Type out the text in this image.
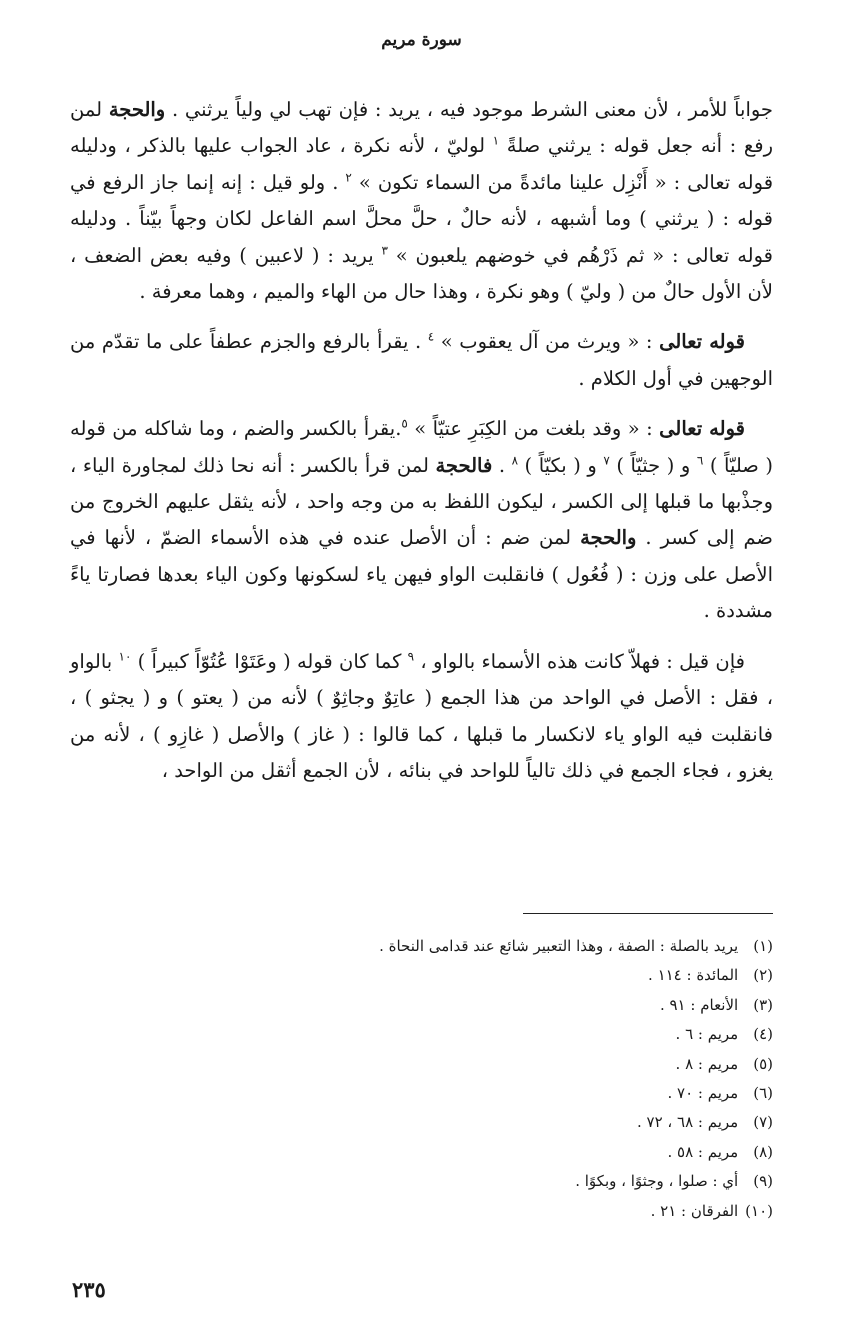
سورة مريم

جواباً للأمر ، لأن معنى الشرط موجود فيه ، يريد : فإن تهب لي ولياً يرثني . والحجة لمن رفع : أنه جعل قوله : يرثني صلةً $^١$ لوليّ ، لأنه نكرة ، عاد الجواب عليها بالذكر ، ودليله قوله تعالى : « أَنْزِل علينا مائدةً من السماء تكون » $^٢$ . ولو قيل : إنه إنما جاز الرفع في قوله : ( يرثني ) وما أشبهه ، لأنه حالٌ ، حلَّ محلَّ اسم الفاعل لكان وجهاً بيّناً . ودليله قوله تعالى : « ثم ذَرْهُم في خوضهم يلعبون » $^٣$ يريد : ( لاعبين ) وفيه بعض الضعف ، لأن الأول حالٌ من ( وليّ ) وهو نكرة ، وهذا حال من الهاء والميم ، وهما معرفة .

قوله تعالى : « ويرث من آل يعقوب » $^٤$ . يقرأ بالرفع والجزم عطفاً على ما تقدّم من الوجهين في أول الكلام .

قوله تعالى : « وقد بلغت من الكِبَرِ عتيّاً » $^٥$.يقرأ بالكسر والضم ، وما شاكله من قوله ( صليّاً ) $^٦$ و ( جثيّاً ) $^٧$ و ( بكيّاً ) $^٨$ . فالحجة لمن قرأ بالكسر : أنه نحا ذلك لمجاورة الياء ، وجذْبها ما قبلها إلى الكسر ، ليكون اللفظ به من وجه واحد ، لأنه يثقل عليهم الخروج من ضم إلى كسر . والحجة لمن ضم : أن الأصل عنده في هذه الأسماء الضمّ ، لأنها في الأصل على وزن : ( فُعُول ) فانقلبت الواو فيهن ياء لسكونها وكون الياء بعدها فصارتا ياءً مشددة .

فإن قيل : فهلاّ كانت هذه الأسماء بالواو ، $^٩$ كما كان قوله ( وعَتَوْا عُتُوّاً كبيراً ) $^{١٠}$ بالواو ، فقل : الأصل في الواحد من هذا الجمع ( عاتِوٌ وجاثِوٌ ) لأنه من ( يعتو ) و ( يجثو ) ، فانقلبت فيه الواو ياء لانكسار ما قبلها ، كما قالوا : ( غاز ) والأصل ( غازِو ) ، لأنه من يغزو ، فجاء الجمع في ذلك تالياً للواحد في بنائه ، لأن الجمع أثقل من الواحد ،

(١) يريد بالصلة : الصفة ، وهذا التعبير شائع عند قدامى النحاة .
(٢) المائدة : ١١٤ .
(٣) الأنعام : ٩١ .
(٤) مريم : ٦ .
(٥) مريم : ٨ .
(٦) مريم : ٧٠ .
(٧) مريم : ٦٨ ، ٧٢ .
(٨) مريم : ٥٨ .
(٩) أي : صلوا ، وجثوًا ، وبكوًا .
(١٠) الفرقان : ٢١ .
٢٣٥
